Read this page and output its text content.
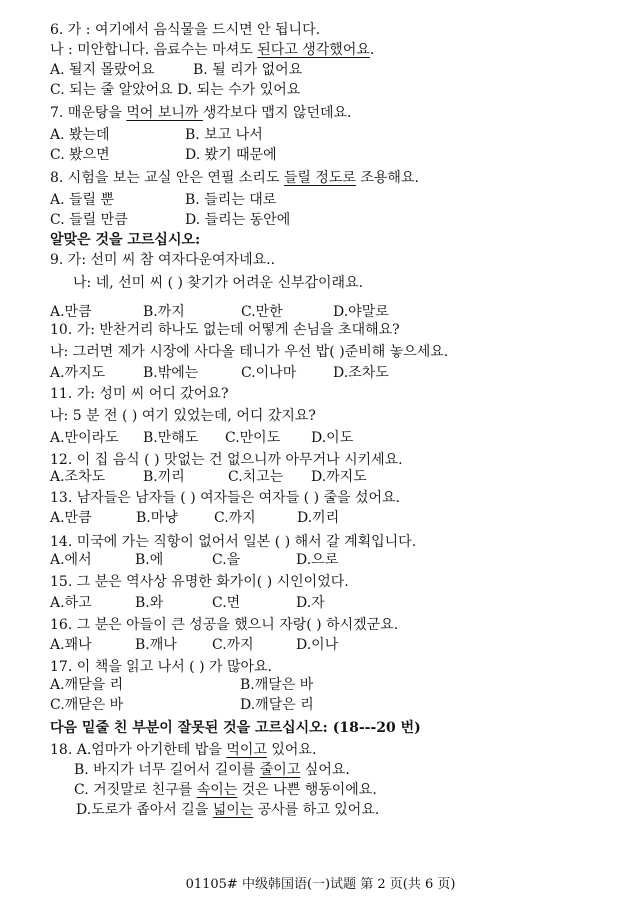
6. 가 : 여기에서 음식물을 드시면 안 됩니다.
나 : 미안합니다. 음료수는 마셔도 된다고 생각했어요.
A. 될지 몰랐어요	B. 될 리가 없어요
C. 되는 줄 알았어요 D. 되는 수가 있어요
7. 매운탕을 먹어 보니까 생각보다 맵지 않던데요.
A. 봤는데	B. 보고 나서
C. 봤으면	D. 봤기 때문에
8. 시험을 보는 교실 안은 연필 소리도 들릴 정도로 조용해요.
A. 들릴 뿐	B. 들리는 대로
C. 들릴 만큼	D. 들리는 동안에
알맞은 것을 고르십시오:
9. 가: 선미 씨 참 여자다운여자네요..
나: 네, 선미 씨 ( ) 찾기가 어려운 신부감이래요.
A.만큼	B.까지	C.만한	D.야말로
10. 가: 반찬거리 하나도 없는데 어떻게 손님을 초대해요?
나: 그러면 제가 시장에 사다올 테니가 우선 밥( )준비해 놓으세요.
A.까지도	B.밖에는	C.이나마	D.조차도
11. 가: 성미 씨 어디 갔어요?
나: 5 분 전 ( ) 여기 있었는데, 어디 갔지요?
A.만이라도 B.만해도 C.만이도 D.이도
12. 이 집 음식 ( ) 맛없는 건 없으니까 아무거나 시키세요.
A.조차도	B.끼리	C.치고는 D.까지도
13. 남자들은 남자들 ( ) 여자들은 여자들 ( ) 줄을 섰어요.
A.만큼	B.마냥	C.까지	D.끼리
14. 미국에 가는 직항이 없어서 일본 ( ) 해서 갈 계획입니다.
A.에서	B.에	C.을	D.으로
15. 그 분은 역사상 유명한 화가이( ) 시인이었다.
A.하고	B.와	C.면	D.자
16. 그 분은 아들이 큰 성공을 했으니 자랑( ) 하시겠군요.
A.꽤나	B.깨나	C.까지	D.이나
17. 이 책을 읽고 나서 ( ) 가 많아요.
A.깨닫을 리	B.깨달은 바
C.깨닫은 바	D.깨달은 리
다음 밑줄 친 부분이 잘못된 것을 고르십시오: (18---20 번)
18. A.엄마가 아기한테 밥을 먹이고 있어요.
B. 바지가 너무 길어서 길이를 줄이고 싶어요.
C. 거짓말로 친구를 속이는 것은 나쁜 행동이에요.
D.도로가 좁아서 길을 넓이는 공사를 하고 있어요.
01105# 中级韩国语(一)试题 第 2 页(共 6 页)
